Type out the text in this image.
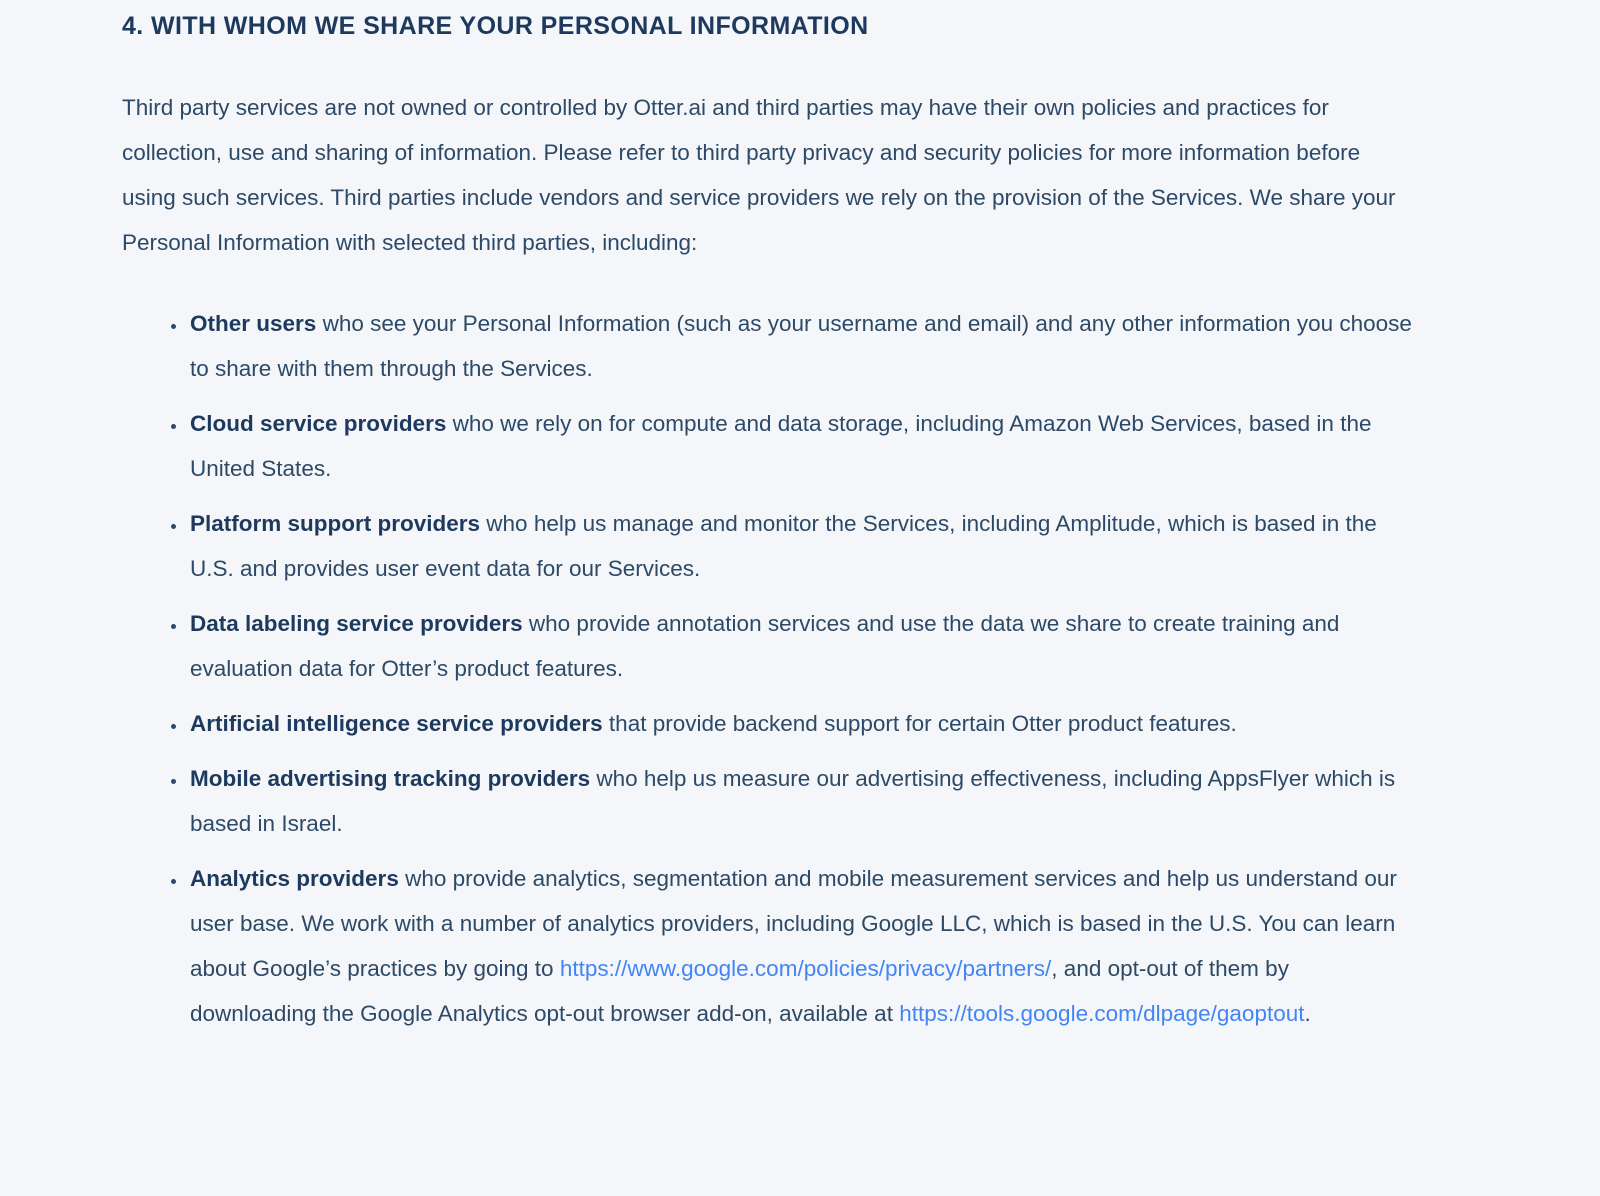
4. WITH WHOM WE SHARE YOUR PERSONAL INFORMATION

Third party services are not owned or controlled by Otter.ai and third parties may have their own policies and practices for collection, use and sharing of information. Please refer to third party privacy and security policies for more information before using such services. Third parties include vendors and service providers we rely on the provision of the Services. We share your Personal Information with selected third parties, including:

• Other users who see your Personal Information (such as your username and email) and any other information you choose to share with them through the Services.
• Cloud service providers who we rely on for compute and data storage, including Amazon Web Services, based in the United States.
• Platform support providers who help us manage and monitor the Services, including Amplitude, which is based in the U.S. and provides user event data for our Services.
• Data labeling service providers who provide annotation services and use the data we share to create training and evaluation data for Otter’s product features.
• Artificial intelligence service providers that provide backend support for certain Otter product features.
• Mobile advertising tracking providers who help us measure our advertising effectiveness, including AppsFlyer which is based in Israel.
• Analytics providers who provide analytics, segmentation and mobile measurement services and help us understand our user base. We work with a number of analytics providers, including Google LLC, which is based in the U.S. You can learn about Google’s practices by going to https://www.google.com/policies/privacy/partners/, and opt-out of them by downloading the Google Analytics opt-out browser add-on, available at https://tools.google.com/dlpage/gaoptout.
